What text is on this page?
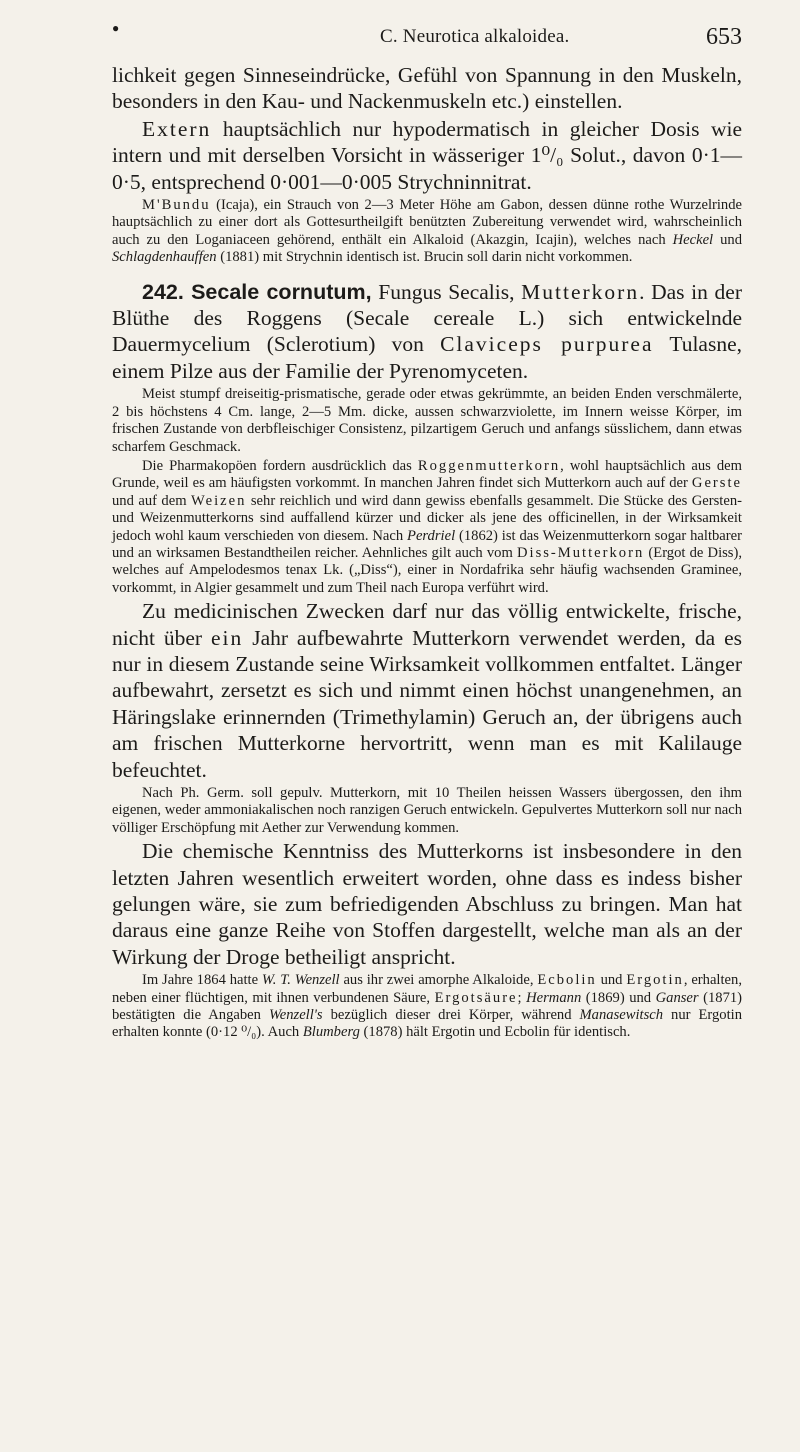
●	C. Neurotica alkaloidea.	653

lichkeit gegen Sinneseindrücke, Gefühl von Spannung in den Muskeln, besonders in den Kau- und Nackenmuskeln etc.) einstellen.

Extern hauptsächlich nur hypodermatisch in gleicher Dosis wie intern und mit derselben Vorsicht in wässeriger 1⁰/₀ Solut., davon 0·1—0·5, entsprechend 0·001—0·005 Strychninnitrat.

M'Bundu (Icaja), ein Strauch von 2—3 Meter Höhe am Gabon, dessen dünne rothe Wurzelrinde hauptsächlich zu einer dort als Gottesurtheilgift benützten Zubereitung verwendet wird, wahrscheinlich auch zu den Loganiaceen gehörend, enthält ein Alkaloid (Akazgin, Icajin), welches nach Heckel und Schlagdenhauffen (1881) mit Strychnin identisch ist. Brucin soll darin nicht vorkommen.

242. Secale cornutum, Fungus Secalis, Mutterkorn. Das in der Blüthe des Roggens (Secale cereale L.) sich entwickelnde Dauermycelium (Sclerotium) von Claviceps purpurea Tulasne, einem Pilze aus der Familie der Pyrenomyceten.

Meist stumpf dreiseitig-prismatische, gerade oder etwas gekrümmte, an beiden Enden verschmälerte, 2 bis höchstens 4 Cm. lange, 2—5 Mm. dicke, aussen schwarzviolette, im Innern weisse Körper, im frischen Zustande von derbfleischiger Consistenz, pilzartigem Geruch und anfangs süsslichem, dann etwas scharfem Geschmack.

Die Pharmakopöen fordern ausdrücklich das Roggenmutterkorn, wohl hauptsächlich aus dem Grunde, weil es am häufigsten vorkommt. In manchen Jahren findet sich Mutterkorn auch auf der Gerste und auf dem Weizen sehr reichlich und wird dann gewiss ebenfalls gesammelt. Die Stücke des Gersten- und Weizenmutterkorns sind auffallend kürzer und dicker als jene des officinellen, in der Wirksamkeit jedoch wohl kaum verschieden von diesem. Nach Perdriel (1862) ist das Weizenmutterkorn sogar haltbarer und an wirksamen Bestandtheilen reicher. Aehnliches gilt auch vom Diss-Mutterkorn (Ergot de Diss), welches auf Ampelodesmos tenax Lk. („Diss“), einer in Nordafrika sehr häufig wachsenden Graminee, vorkommt, in Algier gesammelt und zum Theil nach Europa verführt wird.

Zu medicinischen Zwecken darf nur das völlig entwickelte, frische, nicht über ein Jahr aufbewahrte Mutterkorn verwendet werden, da es nur in diesem Zustande seine Wirksamkeit vollkommen entfaltet. Länger aufbewahrt, zersetzt es sich und nimmt einen höchst unangenehmen, an Häringslake erinnernden (Trimethylamin) Geruch an, der übrigens auch am frischen Mutterkorne hervortritt, wenn man es mit Kalilauge befeuchtet.

Nach Ph. Germ. soll gepulv. Mutterkorn, mit 10 Theilen heissen Wassers übergossen, den ihm eigenen, weder ammoniakalischen noch ranzigen Geruch entwickeln. Gepulvertes Mutterkorn soll nur nach völliger Erschöpfung mit Aether zur Verwendung kommen.

Die chemische Kenntniss des Mutterkorns ist insbesondere in den letzten Jahren wesentlich erweitert worden, ohne dass es indess bisher gelungen wäre, sie zum befriedigenden Abschluss zu bringen. Man hat daraus eine ganze Reihe von Stoffen dargestellt, welche man als an der Wirkung der Droge betheiligt anspricht.

Im Jahre 1864 hatte W. T. Wenzell aus ihr zwei amorphe Alkaloide, Ecbolin und Ergotin, erhalten, neben einer flüchtigen, mit ihnen verbundenen Säure, Ergotsäure; Hermann (1869) und Ganser (1871) bestätigten die Angaben Wenzell's bezüglich dieser drei Körper, während Manasewitsch nur Ergotin erhalten konnte (0·12 ⁰/₀). Auch Blumberg (1878) hält Ergotin und Ecbolin für identisch.
